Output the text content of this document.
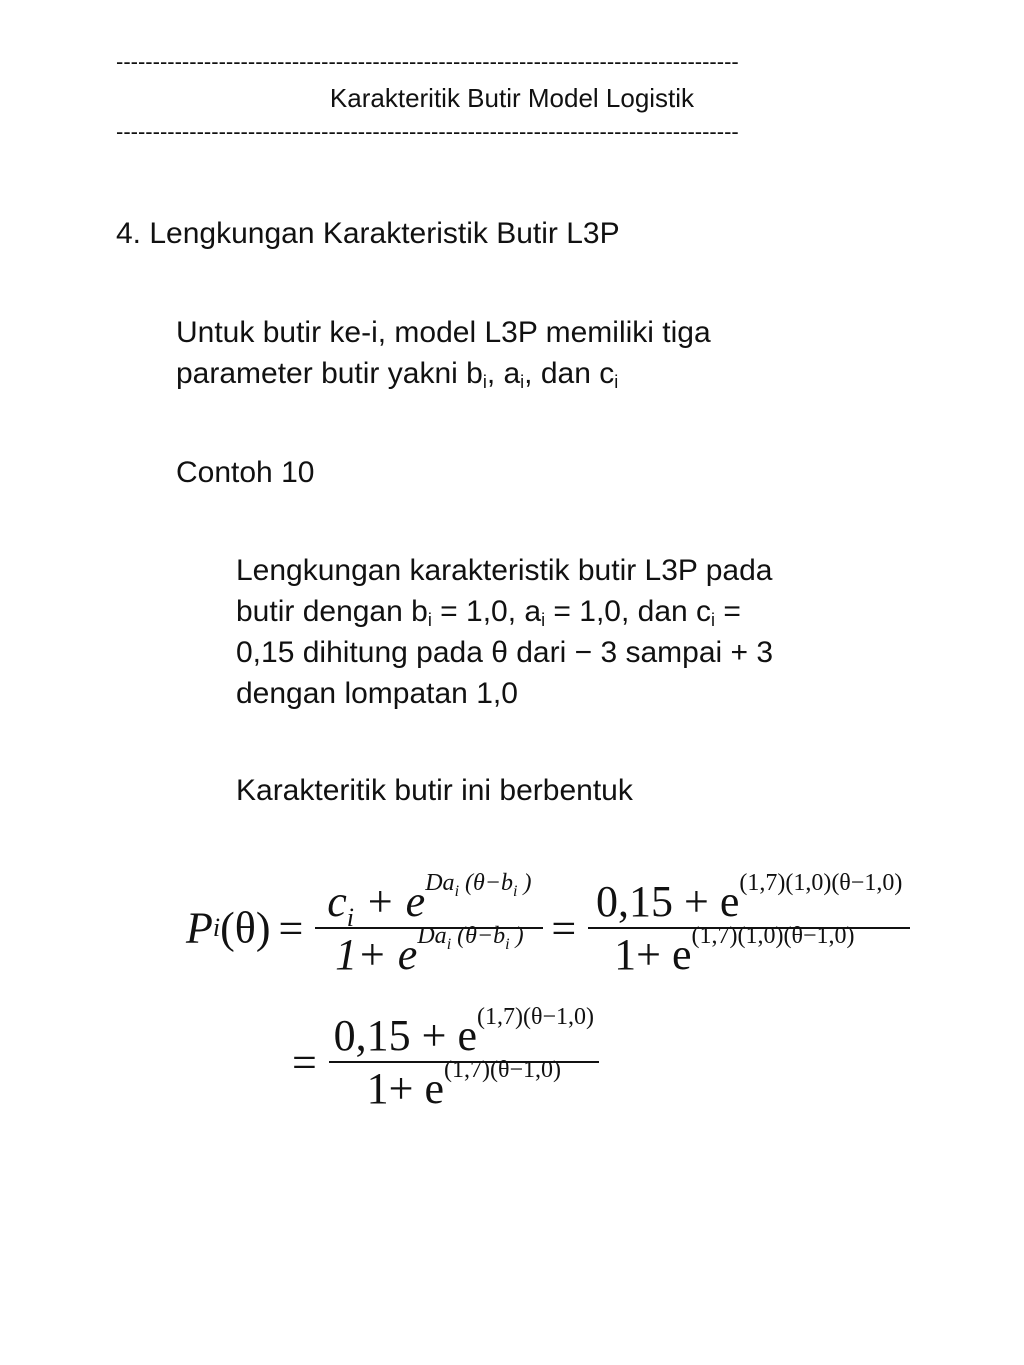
-------------------------------------------------------------------------------------
Karakteritik Butir Model Logistik
-------------------------------------------------------------------------------------
4. Lengkungan Karakteristik Butir L3P
Untuk butir ke-i, model L3P memiliki tiga
parameter butir yakni $b_i$, $a_i$, dan $c_i$
Contoh 10
Lengkungan karakteristik butir L3P pada
butir dengan $b_i = 1,0$, $a_i = 1,0$, dan $c_i$ =
0,15 dihitung pada θ dari − 3 sampai + 3
dengan lompatan 1,0
Karakteritik butir ini berbentuk
$Pi(\theta) = \frac{c_i + e^{Da_i (\theta-b_i )}}{1+ e^{Da_i (\theta-b_i )}} = \frac{0,15 + e^{(1,7)(1,0)(\theta-1,0)}}{1+ e^{(1,7)(1,0)(\theta-1,0)}}$
= $\frac{0,15 + e^{(1,7)(\theta-1,0)}}{1+ e^{(1,7)(\theta-1,0)}}$
